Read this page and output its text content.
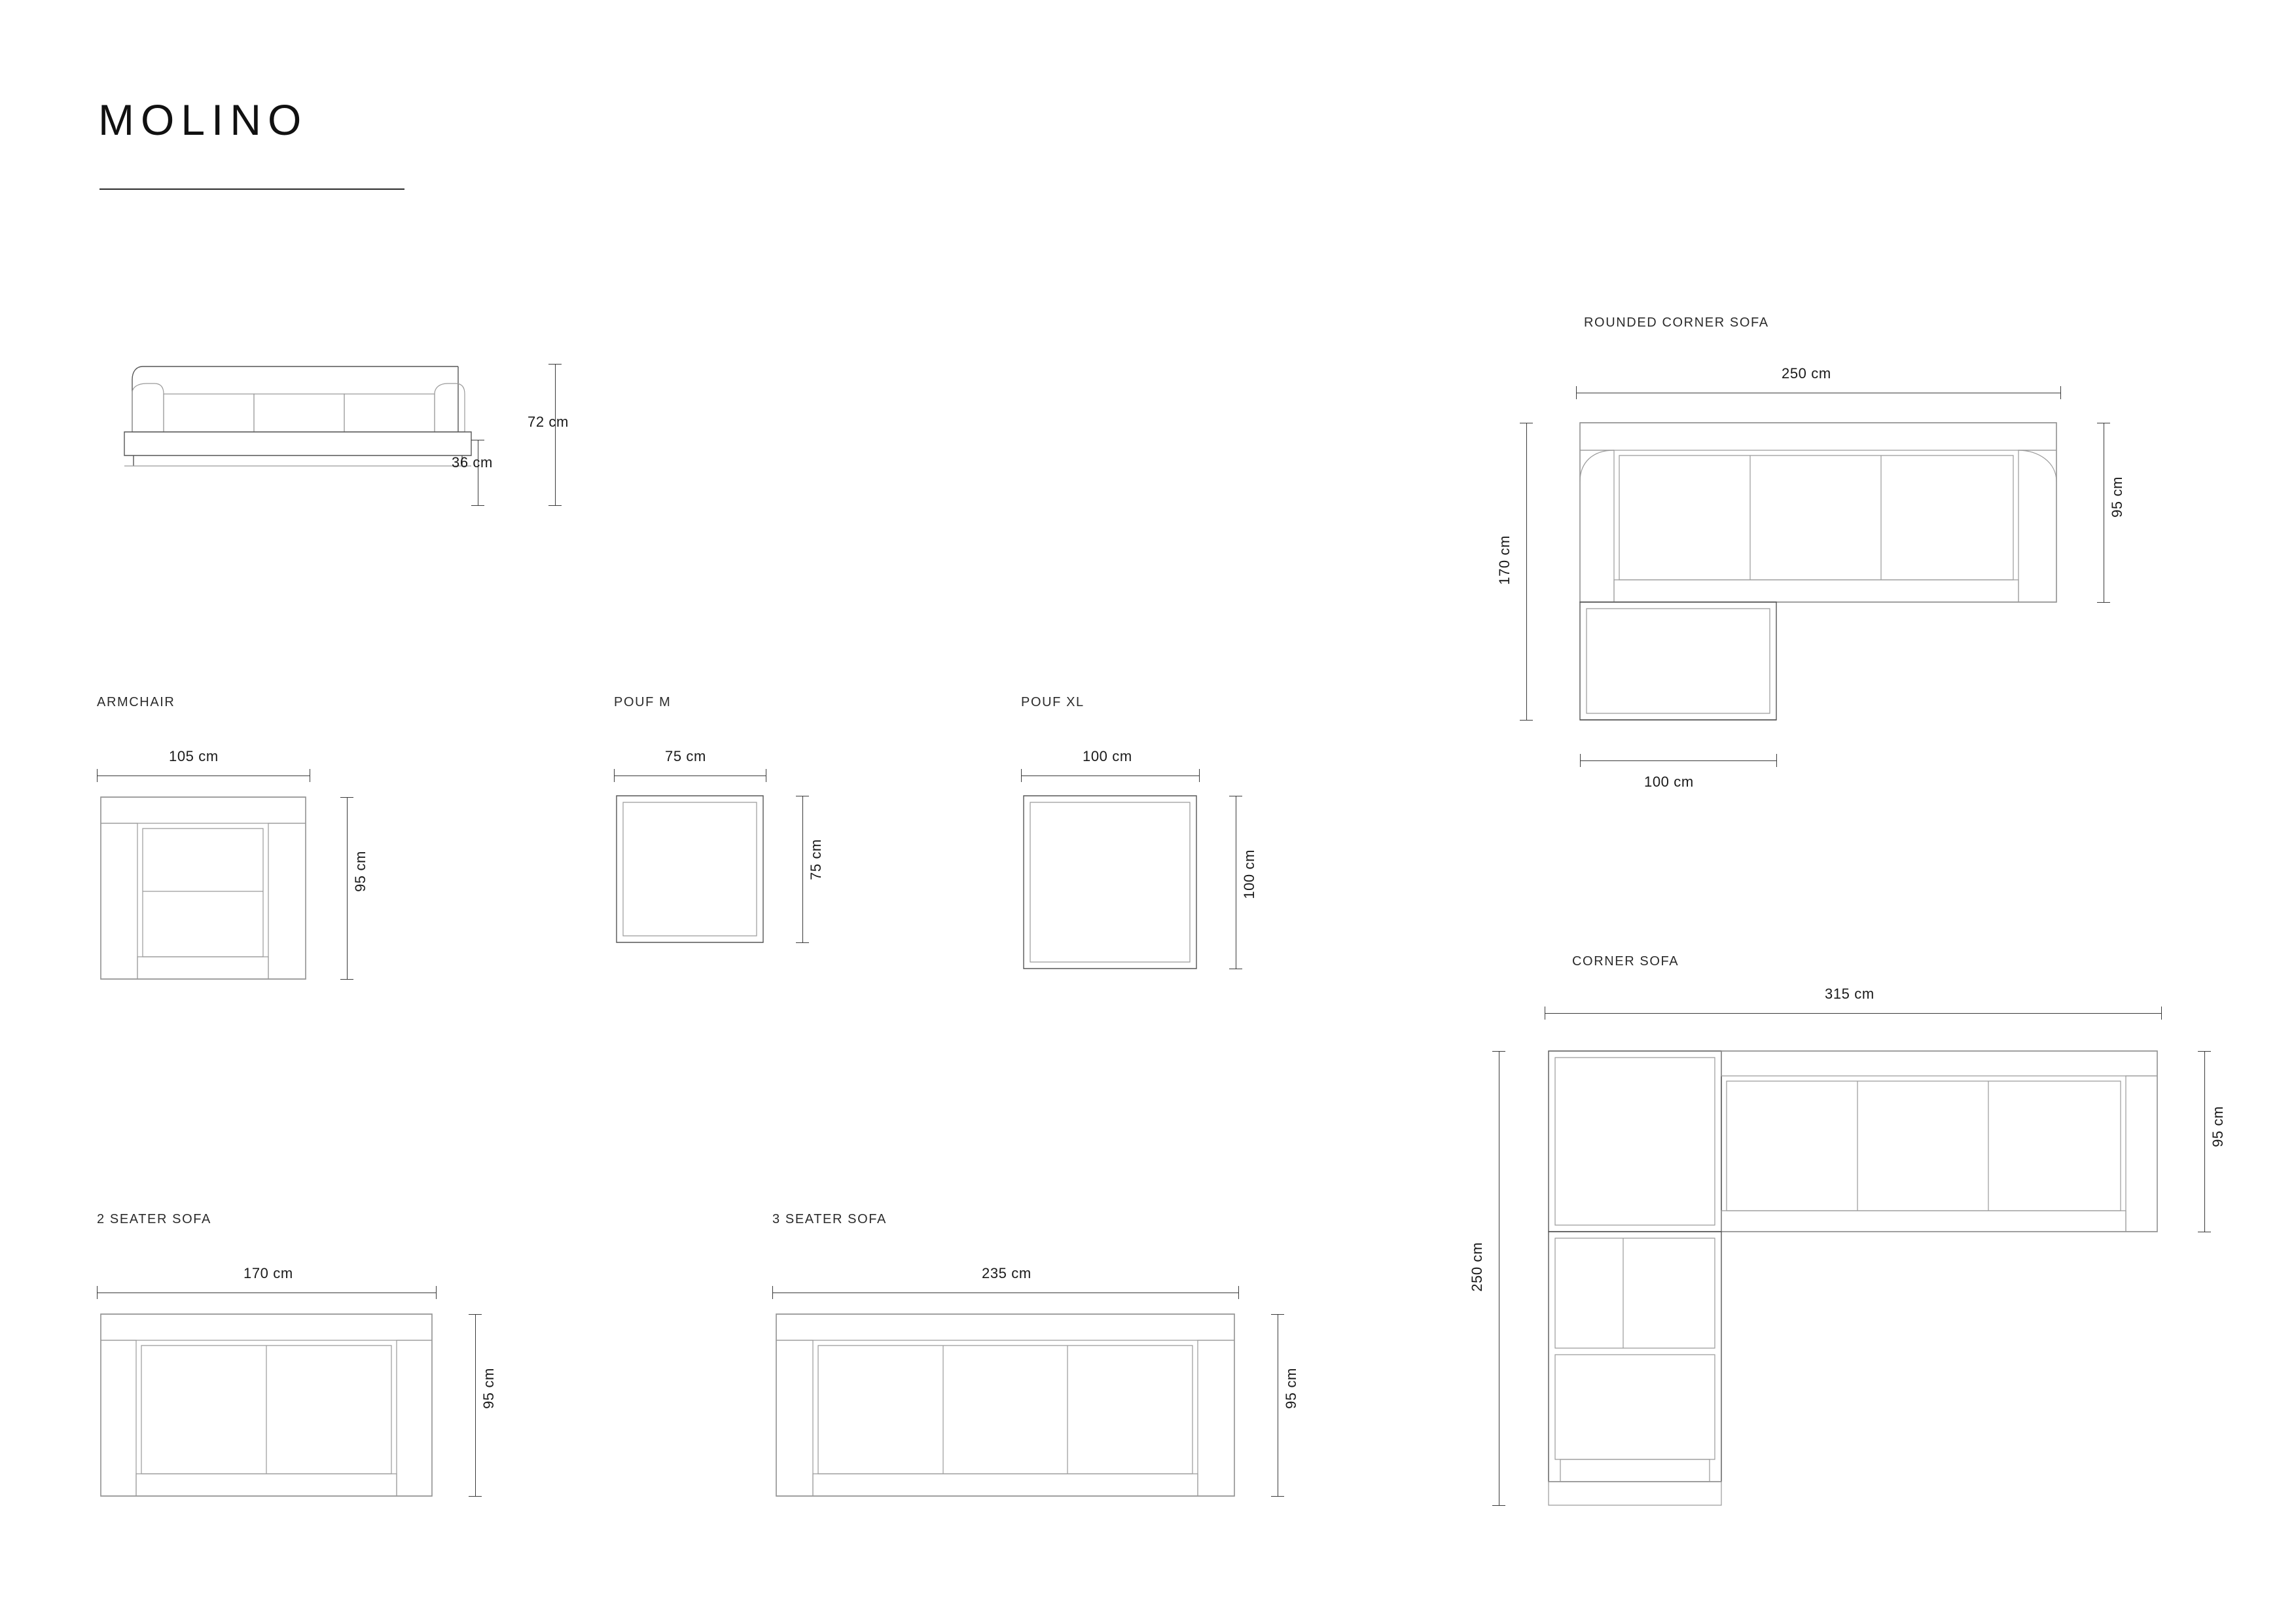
MOLINO
72 cm
36 cm
ARMCHAIR
105 cm
95 cm
POUF M
75 cm
75 cm
POUF XL
100 cm
100 cm
2 SEATER SOFA
170 cm
95 cm
3 SEATER SOFA
235 cm
95 cm
ROUNDED CORNER SOFA
250 cm
170 cm
95 cm
100 cm
CORNER SOFA
315 cm
250 cm
95 cm
